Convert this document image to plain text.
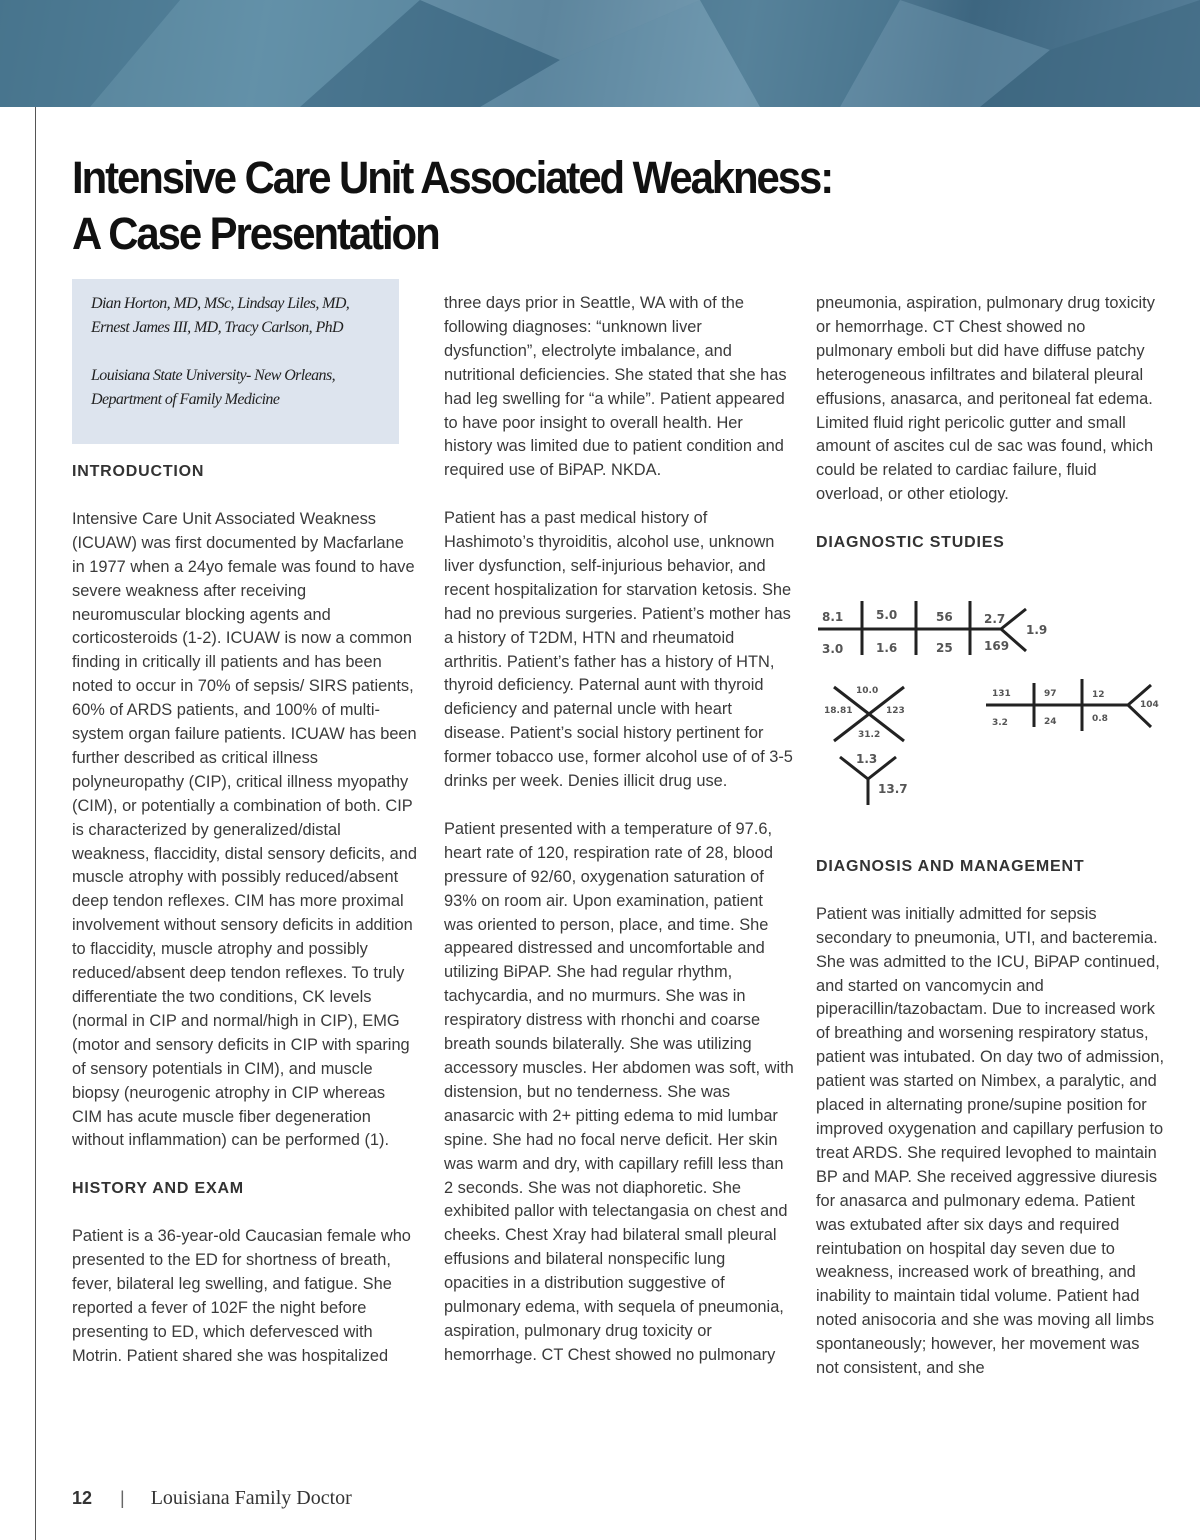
Intensive Care Unit Associated Weakness:
A Case Presentation

Dian Horton, MD, MSc, Lindsay Liles, MD,

Ernest James III, MD, Tracy Carlson, PhD

Louisiana State University- New Orleans,

Department of Family Medicine

INTRODUCTION

Intensive Care Unit Associated Weakness (ICUAW) was first documented by Macfarlane in 1977 when a 24yo female was found to have severe weakness after receiving neuromuscular blocking agents and corticosteroids (1-2). ICUAW is now a common finding in critically ill patients and has been noted to occur in 70% of sepsis/ SIRS patients, 60% of ARDS patients, and 100% of multi-system organ failure patients. ICUAW has been further described as critical illness polyneuropathy (CIP), critical illness myopathy (CIM), or potentially a combination of both. CIP is characterized by generalized/distal weakness, flaccidity, distal sensory deficits, and muscle atrophy with possibly reduced/absent deep tendon reflexes. CIM has more proximal involvement without sensory deficits in addition to flaccidity, muscle atrophy and possibly reduced/absent deep tendon reflexes. To truly differentiate the two conditions, CK levels (normal in CIP and normal/high in CIP), EMG (motor and sensory deficits in CIP with sparing of sensory potentials in CIM), and muscle biopsy (neurogenic atrophy in CIP whereas CIM has acute muscle fiber degeneration without inflammation) can be performed (1).

HISTORY AND EXAM

Patient is a 36-year-old Caucasian female who presented to the ED for shortness of breath, fever, bilateral leg swelling, and fatigue. She reported a fever of 102F the night before presenting to ED, which defervesced with Motrin. Patient shared she was hospitalized

three days prior in Seattle, WA with of the following diagnoses: “unknown liver dysfunction”, electrolyte imbalance, and nutritional deficiencies. She stated that she has had leg swelling for “a while”. Patient appeared to have poor insight to overall health. Her history was limited due to patient condition and required use of BiPAP. NKDA.

Patient has a past medical history of Hashimoto’s thyroiditis, alcohol use, unknown liver dysfunction, self-injurious behavior, and recent hospitalization for starvation ketosis. She had no previous surgeries. Patient’s mother has a history of T2DM, HTN and rheumatoid arthritis. Patient’s father has a history of HTN, thyroid deficiency. Paternal aunt with thyroid deficiency and paternal uncle with heart disease. Patient’s social history pertinent for former tobacco use, former alcohol use of of 3-5 drinks per week. Denies illicit drug use.

Patient presented with a temperature of 97.6, heart rate of 120, respiration rate of 28, blood pressure of 92/60, oxygenation saturation of 93% on room air. Upon examination, patient was oriented to person, place, and time. She appeared distressed and uncomfortable and utilizing BiPAP. She had regular rhythm, tachycardia, and no murmurs. She was in respiratory distress with rhonchi and coarse breath sounds bilaterally. She was utilizing accessory muscles. Her abdomen was soft, with distension, but no tenderness. She was anasarcic with 2+ pitting edema to mid lumbar spine. She had no focal nerve deficit. Her skin was warm and dry, with capillary refill less than 2 seconds. She was not diaphoretic. She exhibited pallor with telectangasia on chest and cheeks. Chest Xray had bilateral small pleural effusions and bilateral nonspecific lung opacities in a distribution suggestive of pulmonary edema, with sequela of pneumonia, aspiration, pulmonary drug toxicity or hemorrhage. CT Chest showed no pulmonary

pneumonia, aspiration, pulmonary drug toxicity or hemorrhage. CT Chest showed no pulmonary emboli but did have diffuse patchy heterogeneous infiltrates and bilateral pleural effusions, anasarca, and peritoneal fat edema. Limited fluid right pericolic gutter and small amount of ascites cul de sac was found, which could be related to cardiac failure, fluid overload, or other etiology.

DIAGNOSTIC STUDIES
8.1	5.0	56	2.7
3.0	1.6	25	169
1.9
10.0
18.81	123
31.2
131	97	12
3.2	24	0.8
104
1.3
13.7
DIAGNOSIS AND MANAGEMENT

Patient was initially admitted for sepsis secondary to pneumonia, UTI, and bacteremia. She was admitted to the ICU, BiPAP continued, and started on vancomycin and piperacillin/tazobactam. Due to increased work of breathing and worsening respiratory status, patient was intubated. On day two of admission, patient was started on Nimbex, a paralytic, and placed in alternating prone/supine position for improved oxygenation and capillary perfusion to treat ARDS. She required levophed to maintain BP and MAP. She received aggressive diuresis for anasarca and pulmonary edema. Patient was extubated after six days and required reintubation on hospital day seven due to weakness, increased work of breathing, and inability to maintain tidal volume. Patient had noted anisocoria and she was moving all limbs spontaneously; however, her movement was not consistent, and she

12 | Louisiana Family Doctor
